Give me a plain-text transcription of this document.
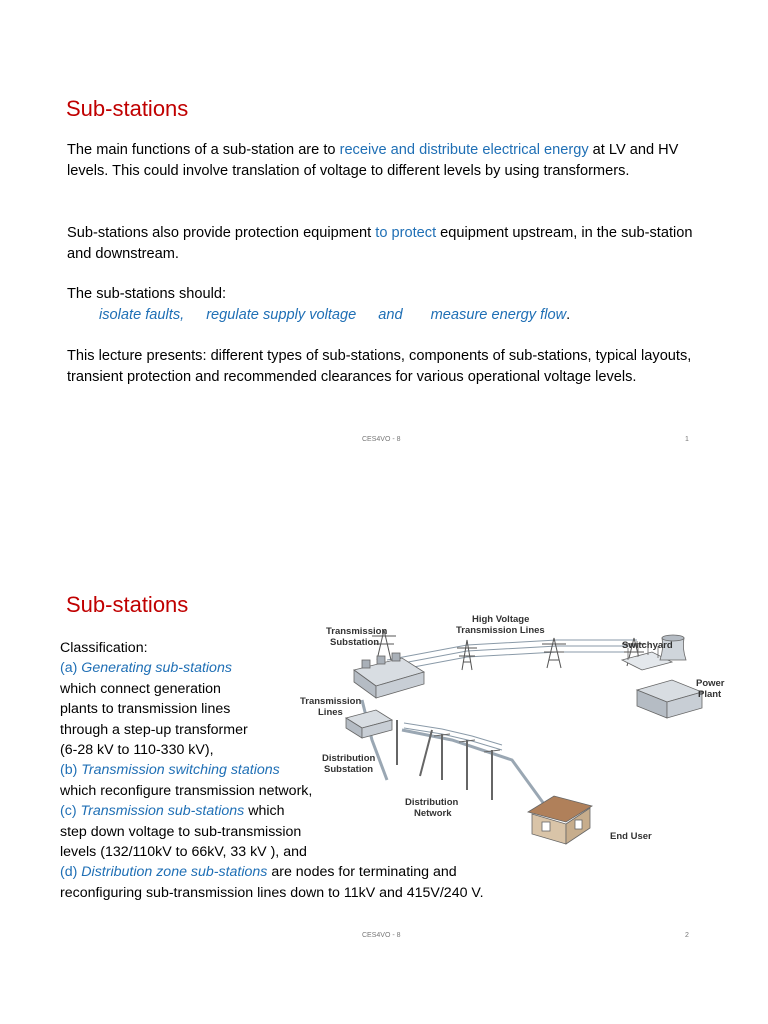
Sub-stations

The main functions of a sub-station are to receive and distribute electrical energy at LV and HV levels. This could involve translation of voltage to different levels by using transformers.

Sub-stations also provide protection equipment to protect equipment upstream, in the sub-station and downstream.

The sub-stations should:
isolate faults, regulate supply voltage and measure energy flow.

This lecture presents: different types of sub-stations, components of sub-stations, typical layouts, transient protection and recommended clearances for various operational voltage levels.

CES4VO - 8	1
Sub-stations
Classification:
(a) Generating sub-stations
which connect generation
plants to transmission lines
through a step-up transformer
(6-28 kV to 110-330 kV),
(b) Transmission switching stations
which reconfigure transmission network,
(c) Transmission sub-stations which
step down voltage to sub-transmission
levels (132/110kV to 66kV, 33 kV ), and
(d) Distribution zone sub-stations are nodes for terminating and
reconfiguring sub-transmission lines down to 11kV and 415V/240 V.
Transmission Substation
High Voltage Transmission Lines
Switchyard
Power Plant
Transmission Lines
Distribution Substation
Distribution Network
End User
CES4VO - 8	2
